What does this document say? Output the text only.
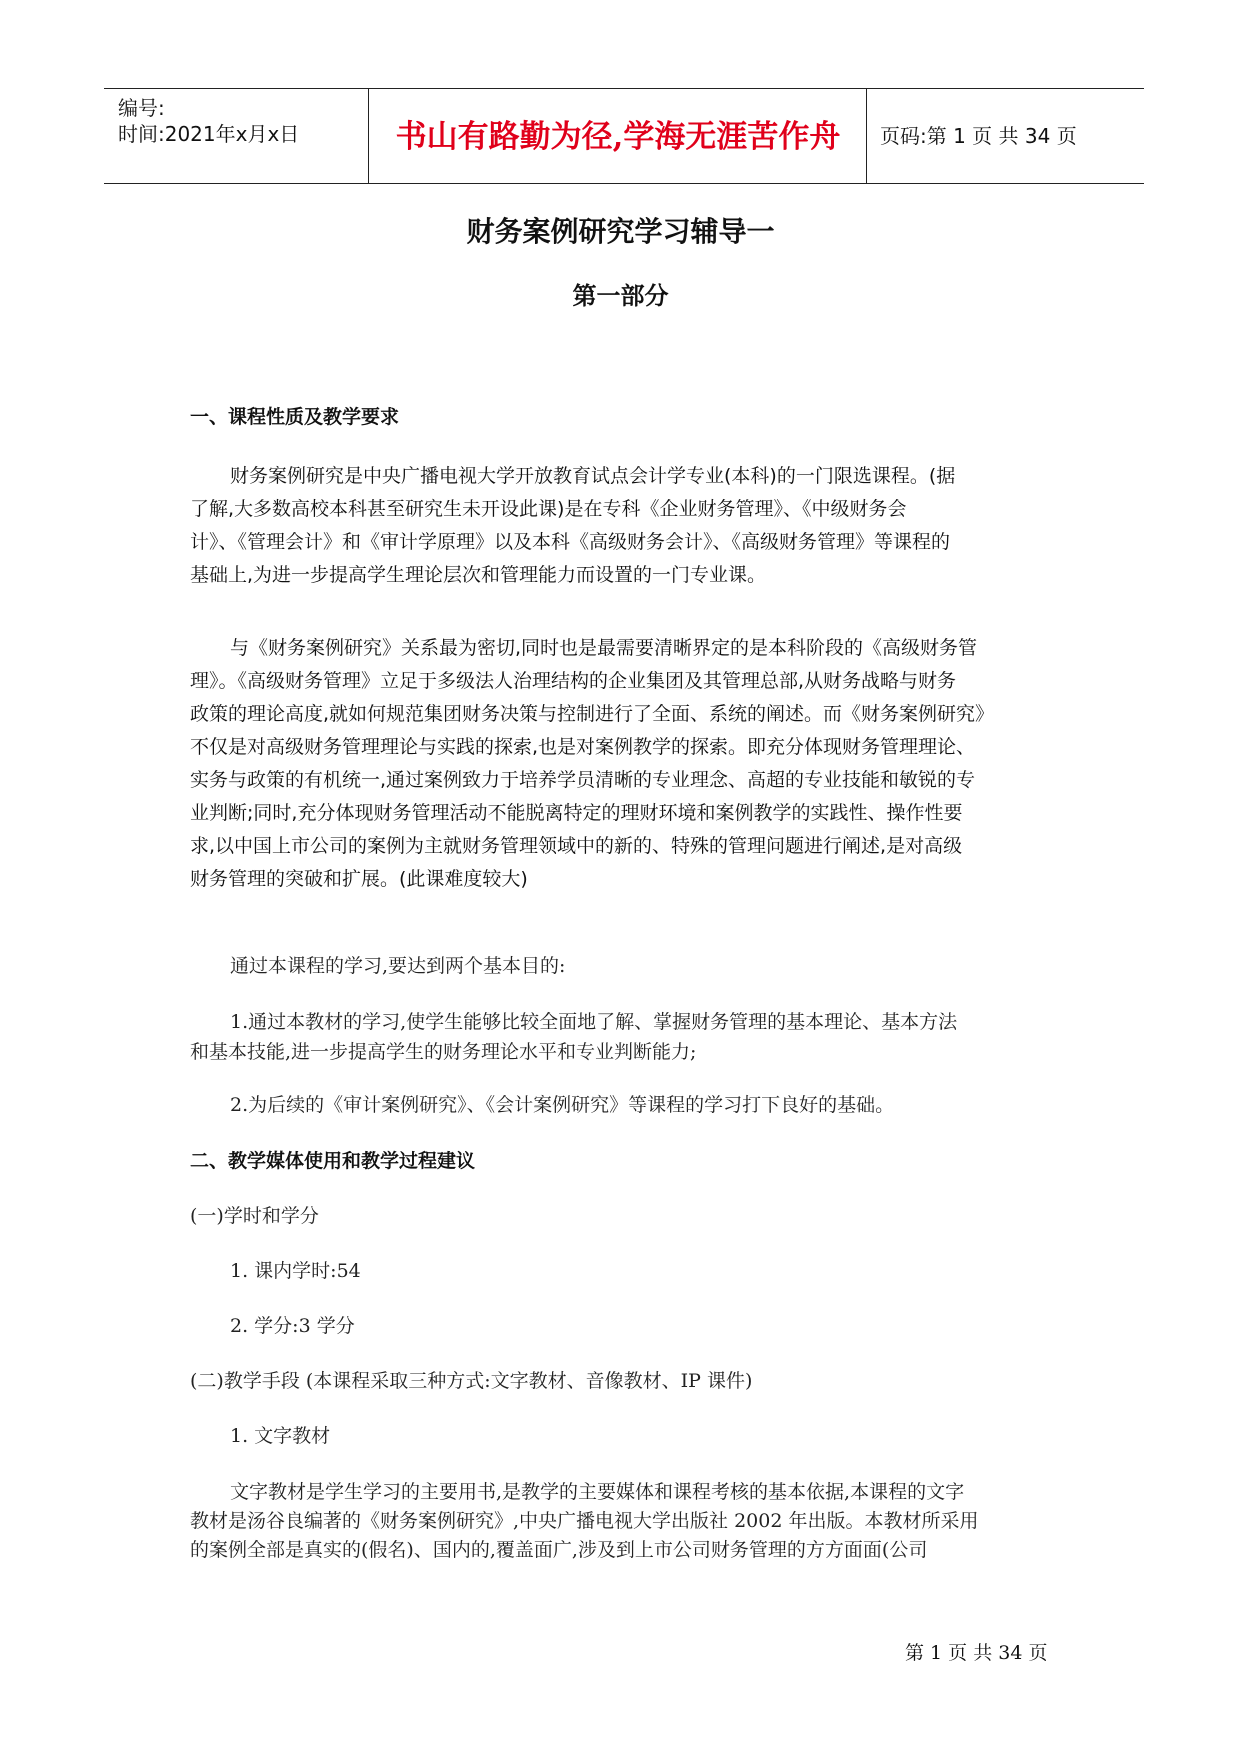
编号:
时间:2021年x月x日	书山有路勤为径,学海无涯苦作舟	页码:第 1 页 共 34 页
财务案例研究学习辅导一
第一部分
一、课程性质及教学要求
财务案例研究是中央广播电视大学开放教育试点会计学专业(本科)的一门限选课程。(据
了解,大多数高校本科甚至研究生未开设此课)是在专科《企业财务管理》、《中级财务会
计》、《管理会计》和《审计学原理》以及本科《高级财务会计》、《高级财务管理》等课程的
基础上,为进一步提高学生理论层次和管理能力而设置的一门专业课。
与《财务案例研究》关系最为密切,同时也是最需要清晰界定的是本科阶段的《高级财务管
理》。《高级财务管理》立足于多级法人治理结构的企业集团及其管理总部,从财务战略与财务
政策的理论高度,就如何规范集团财务决策与控制进行了全面、系统的阐述。而《财务案例研究》
不仅是对高级财务管理理论与实践的探索,也是对案例教学的探索。即充分体现财务管理理论、
实务与政策的有机统一,通过案例致力于培养学员清晰的专业理念、高超的专业技能和敏锐的专
业判断;同时,充分体现财务管理活动不能脱离特定的理财环境和案例教学的实践性、操作性要
求,以中国上市公司的案例为主就财务管理领域中的新的、特殊的管理问题进行阐述,是对高级
财务管理的突破和扩展。(此课难度较大)
通过本课程的学习,要达到两个基本目的:
1.通过本教材的学习,使学生能够比较全面地了解、掌握财务管理的基本理论、基本方法
和基本技能,进一步提高学生的财务理论水平和专业判断能力;
2.为后续的《审计案例研究》、《会计案例研究》等课程的学习打下良好的基础。
二、教学媒体使用和教学过程建议
(一)学时和学分
1. 课内学时:54
2. 学分:3 学分
(二)教学手段 (本课程采取三种方式:文字教材、音像教材、IP 课件)
1. 文字教材
文字教材是学生学习的主要用书,是教学的主要媒体和课程考核的基本依据,本课程的文字
教材是汤谷良编著的《财务案例研究》,中央广播电视大学出版社 2002 年出版。本教材所采用
的案例全部是真实的(假名)、国内的,覆盖面广,涉及到上市公司财务管理的方方面面(公司
第 1 页 共 34 页
